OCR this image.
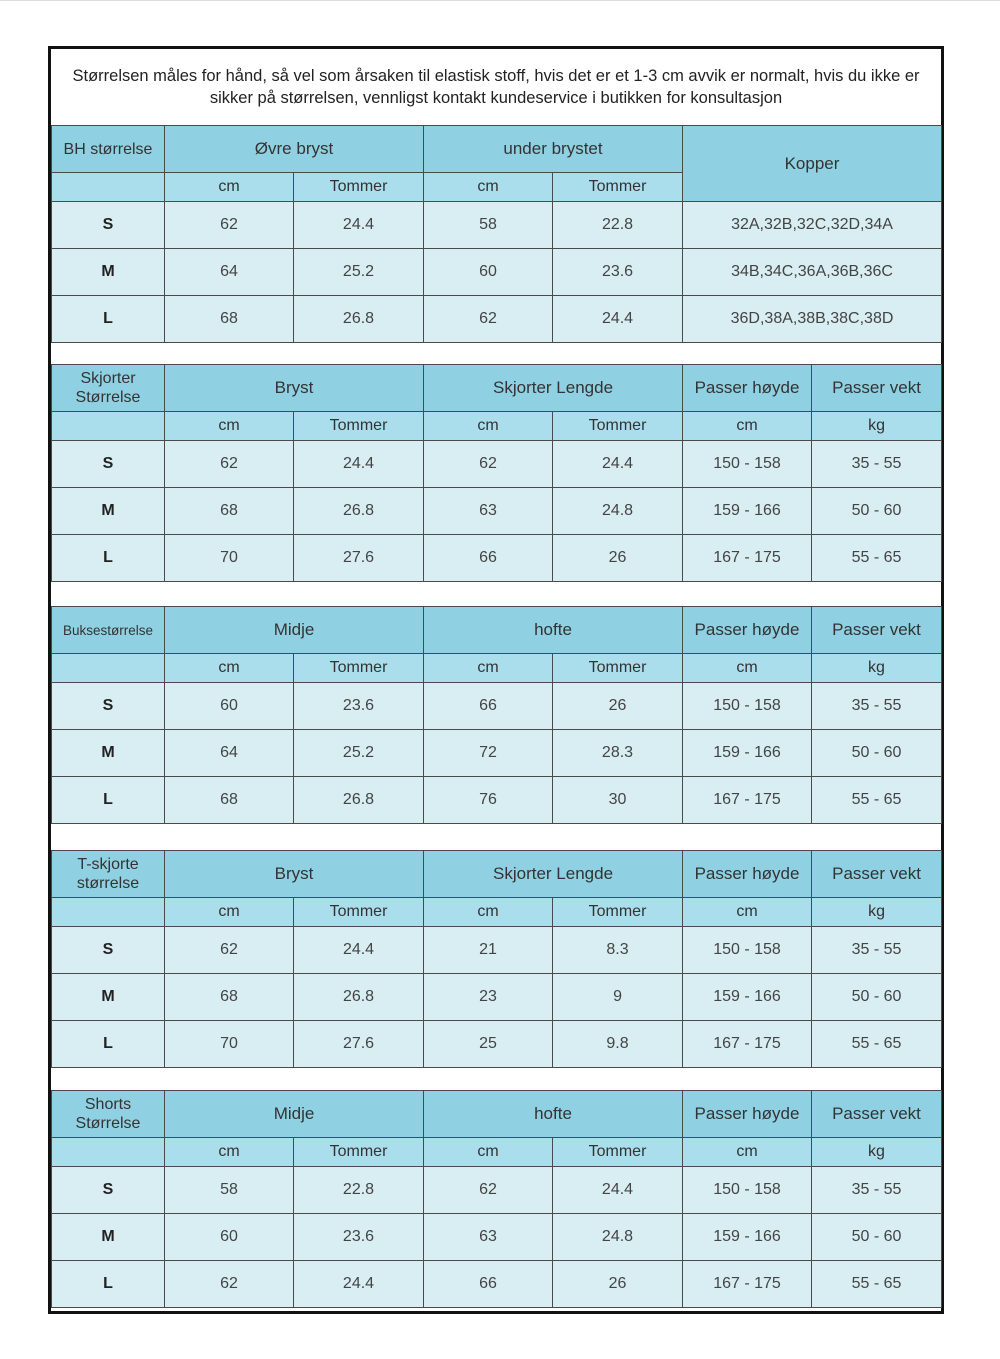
Størrelsen måles for hånd, så vel som årsaken til elastisk stoff, hvis det er et 1-3 cm avvik er normalt, hvis du ikke er sikker på størrelsen, vennligst kontakt kundeservice i butikken for konsultasjon
BH størrelse	Øvre bryst		under brystet		Kopper
	cm	Tommer	cm	Tommer	
S	62	24.4	58	22.8	32A,32B,32C,32D,34A
M	64	25.2	60	23.6	34B,34C,36A,36B,36C
L	68	26.8	62	24.4	36D,38A,38B,38C,38D
Skjorter Størrelse	Bryst		Skjorter Lengde		Passer høyde	Passer vekt
	cm	Tommer	cm	Tommer	cm	kg
S	62	24.4	62	24.4	150 - 158	35 - 55
M	68	26.8	63	24.8	159 - 166	50 - 60
L	70	27.6	66	26	167 - 175	55 - 65
Buksestørrelse	Midje		hofte		Passer høyde	Passer vekt
	cm	Tommer	cm	Tommer	cm	kg
S	60	23.6	66	26	150 - 158	35 - 55
M	64	25.2	72	28.3	159 - 166	50 - 60
L	68	26.8	76	30	167 - 175	55 - 65
T-skjorte størrelse	Bryst		Skjorter Lengde		Passer høyde	Passer vekt
	cm	Tommer	cm	Tommer	cm	kg
S	62	24.4	21	8.3	150 - 158	35 - 55
M	68	26.8	23	9	159 - 166	50 - 60
L	70	27.6	25	9.8	167 - 175	55 - 65
Shorts Størrelse	Midje		hofte		Passer høyde	Passer vekt
	cm	Tommer	cm	Tommer	cm	kg
S	58	22.8	62	24.4	150 - 158	35 - 55
M	60	23.6	63	24.8	159 - 166	50 - 60
L	62	24.4	66	26	167 - 175	55 - 65
